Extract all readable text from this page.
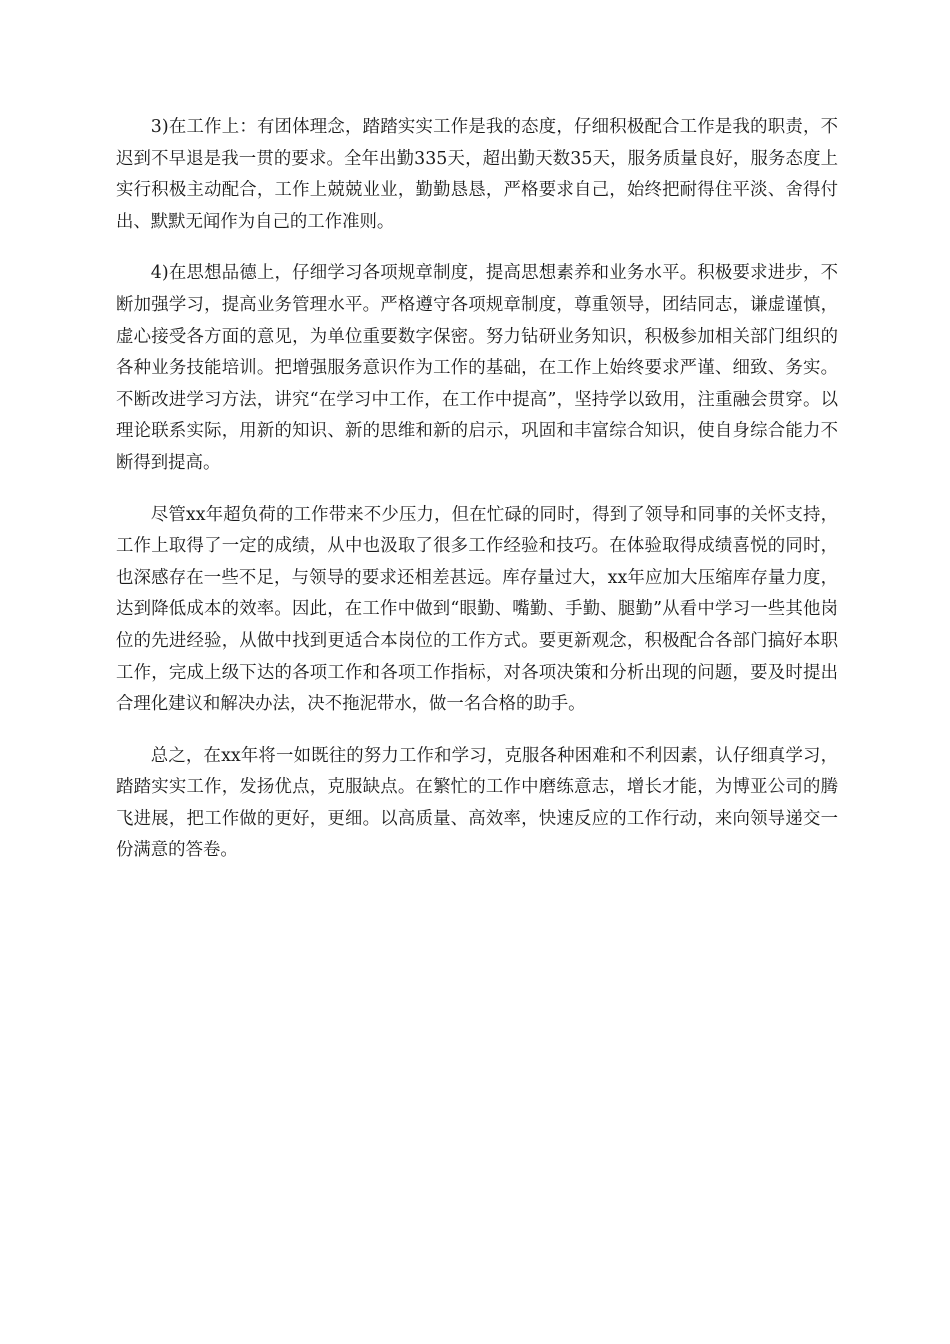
3)在工作上：有团体理念，踏踏实实工作是我的态度，仔细积极配合工作是我的职责，不迟到不早退是我一贯的要求。全年出勤335天，超出勤天数35天，服务质量良好，服务态度上实行积极主动配合，工作上兢兢业业，勤勤恳恳，严格要求自己，始终把耐得住平淡、舍得付出、默默无闻作为自己的工作准则。

4)在思想品德上，仔细学习各项规章制度，提高思想素养和业务水平。积极要求进步，不断加强学习，提高业务管理水平。严格遵守各项规章制度，尊重领导，团结同志，谦虚谨慎，虚心接受各方面的意见，为单位重要数字保密。努力钻研业务知识，积极参加相关部门组织的各种业务技能培训。把增强服务意识作为工作的基础，在工作上始终要求严谨、细致、务实。不断改进学习方法，讲究“在学习中工作，在工作中提高”，坚持学以致用，注重融会贯穿。以理论联系实际，用新的知识、新的思维和新的启示，巩固和丰富综合知识，使自身综合能力不断得到提高。

尽管xx年超负荷的工作带来不少压力，但在忙碌的同时，得到了领导和同事的关怀支持，工作上取得了一定的成绩，从中也汲取了很多工作经验和技巧。在体验取得成绩喜悦的同时，也深感存在一些不足，与领导的要求还相差甚远。库存量过大，xx年应加大压缩库存量力度，达到降低成本的效率。因此，在工作中做到“眼勤、嘴勤、手勤、腿勤”从看中学习一些其他岗位的先进经验，从做中找到更适合本岗位的工作方式。要更新观念，积极配合各部门搞好本职工作，完成上级下达的各项工作和各项工作指标，对各项决策和分析出现的问题，要及时提出合理化建议和解决办法，决不拖泥带水，做一名合格的助手。

总之，在xx年将一如既往的努力工作和学习，克服各种困难和不利因素，认仔细真学习，踏踏实实工作，发扬优点，克服缺点。在繁忙的工作中磨练意志，增长才能，为博亚公司的腾飞进展，把工作做的更好，更细。以高质量、高效率，快速反应的工作行动，来向领导递交一份满意的答卷。
